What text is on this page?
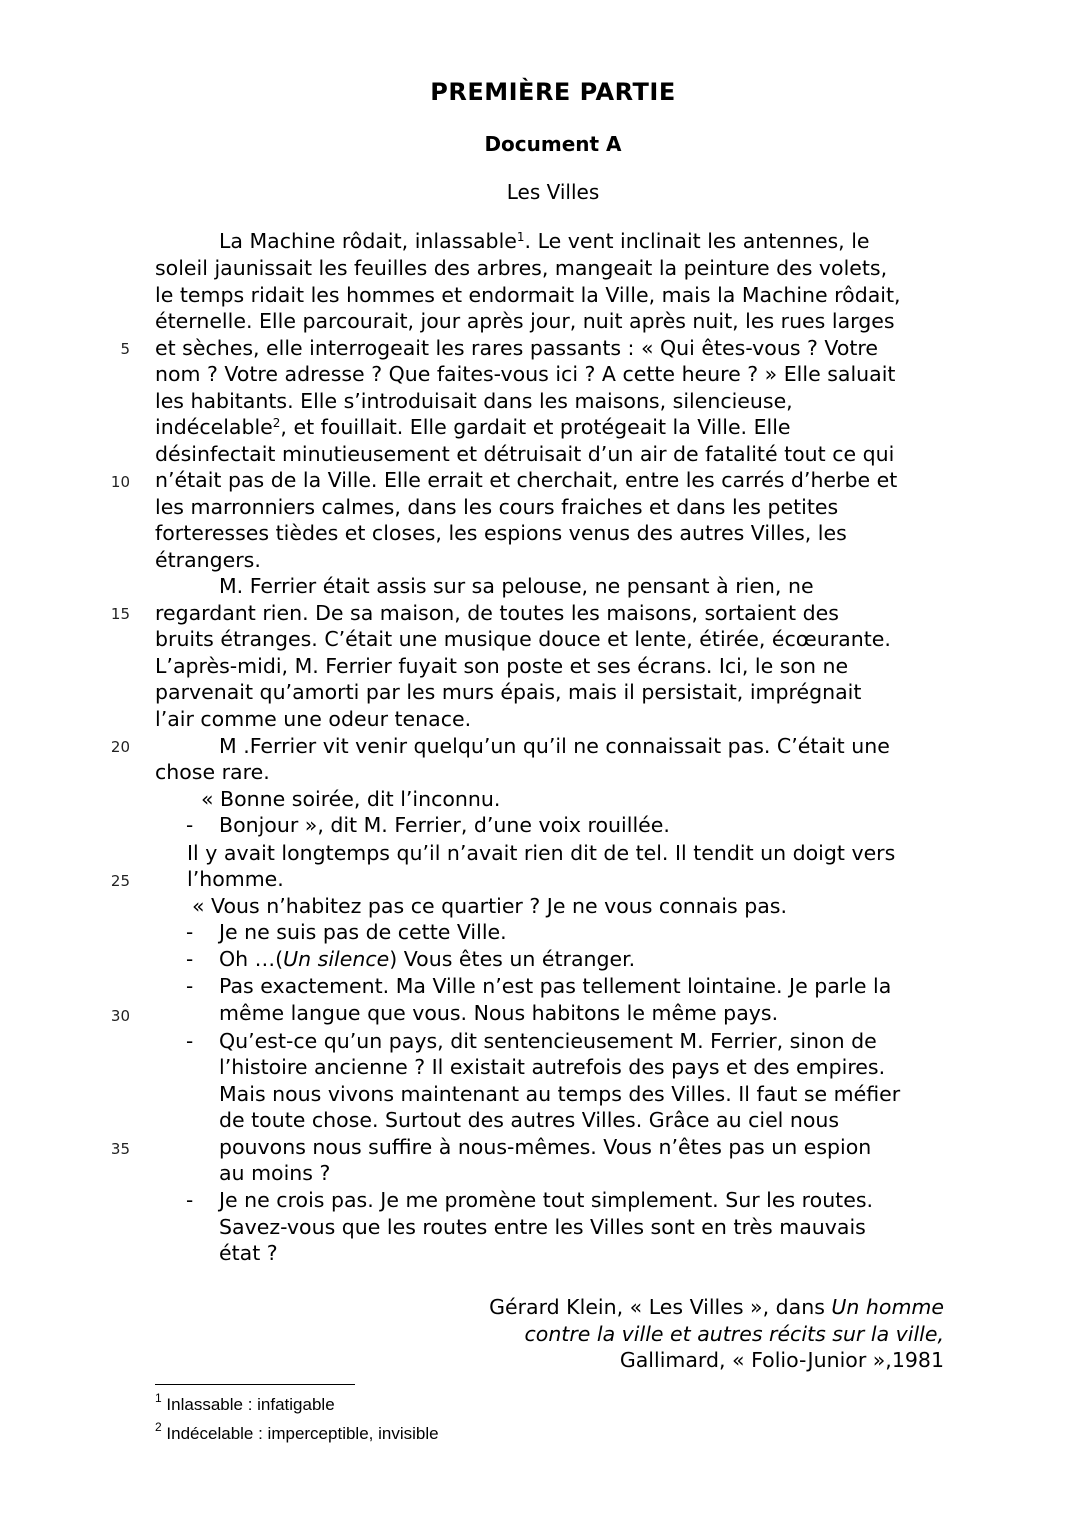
PREMIÈRE PARTIE
Document A
Les Villes
5
10
15
20
25
30
35
La Machine rôdait, inlassable$^1$. Le vent inclinait les antennes, le
soleil jaunissait les feuilles des arbres, mangeait la peinture des volets,
le temps ridait les hommes et endormait la Ville, mais la Machine rôdait,
éternelle. Elle parcourait, jour après jour, nuit après nuit, les rues larges
et sèches, elle interrogeait les rares passants : « Qui êtes-vous ? Votre
nom ? Votre adresse ? Que faites-vous ici ? A cette heure ? » Elle saluait
les habitants. Elle s’introduisait dans les maisons, silencieuse,
indécelable$^2$, et fouillait. Elle gardait et protégeait la Ville. Elle
désinfectait minutieusement et détruisait d’un air de fatalité tout ce qui
n’était pas de la Ville. Elle errait et cherchait, entre les carrés d’herbe et
les marronniers calmes, dans les cours fraiches et dans les petites
forteresses tièdes et closes, les espions venus des autres Villes, les
étrangers.
M. Ferrier était assis sur sa pelouse, ne pensant à rien, ne
regardant rien. De sa maison, de toutes les maisons, sortaient des
bruits étranges. C’était une musique douce et lente, étirée, écœurante.
L’après-midi, M. Ferrier fuyait son poste et ses écrans. Ici, le son ne
parvenait qu’amorti par les murs épais, mais il persistait, imprégnait
l’air comme une odeur tenace.
M .Ferrier vit venir quelqu’un qu’il ne connaissait pas. C’était une
chose rare.
« Bonne soirée, dit l’inconnu.
- Bonjour », dit M. Ferrier, d’une voix rouillée.
Il y avait longtemps qu’il n’avait rien dit de tel. Il tendit un doigt vers
l’homme.
« Vous n’habitez pas ce quartier ? Je ne vous connais pas.
- Je ne suis pas de cette Ville.
- Oh …(Un silence) Vous êtes un étranger.
- Pas exactement. Ma Ville n’est pas tellement lointaine. Je parle la
même langue que vous. Nous habitons le même pays.
- Qu’est-ce qu’un pays, dit sentencieusement M. Ferrier, sinon de
l’histoire ancienne ? Il existait autrefois des pays et des empires.
Mais nous vivons maintenant au temps des Villes. Il faut se méfier
de toute chose. Surtout des autres Villes. Grâce au ciel nous
pouvons nous suffire à nous-mêmes. Vous n’êtes pas un espion
au moins ?
- Je ne crois pas. Je me promène tout simplement. Sur les routes.
Savez-vous que les routes entre les Villes sont en très mauvais
état ?
Gérard Klein, « Les Villes », dans Un homme
contre la ville et autres récits sur la ville,
Gallimard, « Folio-Junior »,1981
$^1$ Inlassable : infatigable
$^2$ Indécelable : imperceptible, invisible
